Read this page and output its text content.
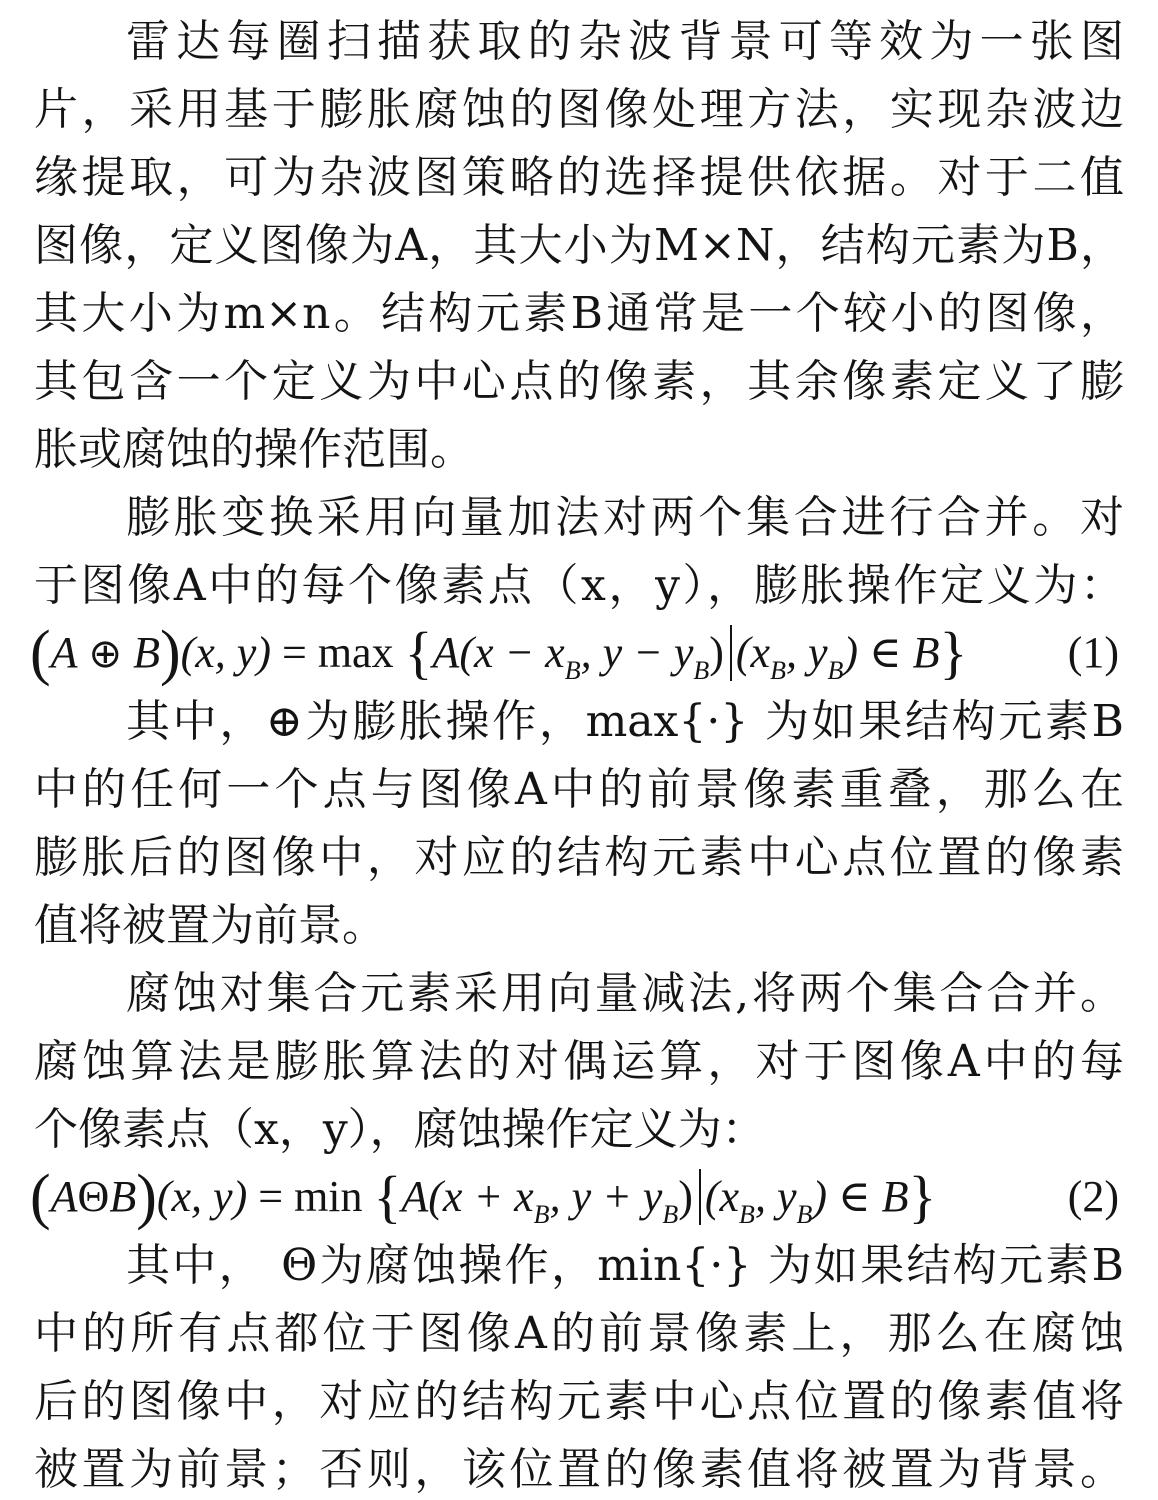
雷达每圈扫描获取的杂波背景可等效为一张图
片，采用基于膨胀腐蚀的图像处理方法，实现杂波边
缘提取，可为杂波图策略的选择提供依据。对于二值
图像，定义图像为A，其大小为M×N，结构元素为B，
其大小为m×n。结构元素B通常是一个较小的图像，
其包含一个定义为中心点的像素，其余像素定义了膨
胀或腐蚀的操作范围。
膨胀变换采用向量加法对两个集合进行合并。对
于图像A中的每个像素点（x，y），膨胀操作定义为：
(A ⊕ B)(x, $y) = \max \{A(x - x_B$, $y - y_B$) ($x_B$, $y_B$) ∈ B} (1)
其中，⊕为膨胀操作，max{·} 为如果结构元素B
中的任何一个点与图像A中的前景像素重叠，那么在
膨胀后的图像中，对应的结构元素中心点位置的像素
值将被置为前景。
腐蚀对集合元素采用向量减法,将两个集合合并。
腐蚀算法是膨胀算法的对偶运算，对于图像A中的每
个像素点（x，y），腐蚀操作定义为：
(AΘB)(x, $y) = \min \{A(x + x_B$, $y + y_B$) ($x_B$, $y_B$) ∈ B}	(2)
其中， Θ为腐蚀操作，min{·} 为如果结构元素B
中的所有点都位于图像A的前景像素上，那么在腐蚀
后的图像中，对应的结构元素中心点位置的像素值将
被置为前景；否则，该位置的像素值将被置为背景。
